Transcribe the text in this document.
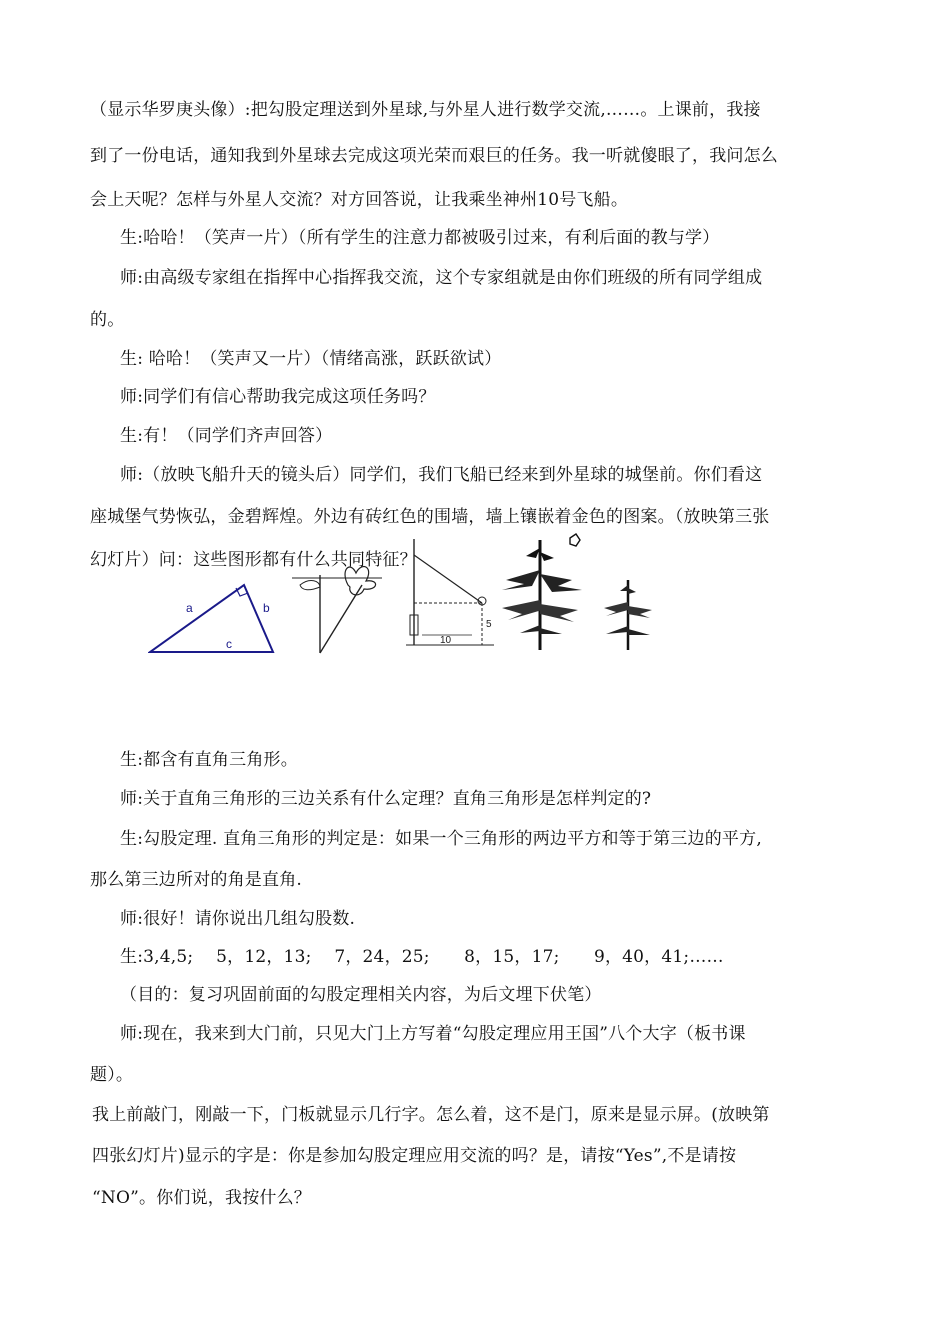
（显示华罗庚头像）:把勾股定理送到外星球,与外星人进行数学交流,……。上课前，我接
到了一份电话，通知我到外星球去完成这项光荣而艰巨的任务。我一听就傻眼了，我问怎么
会上天呢？怎样与外星人交流？对方回答说，让我乘坐神州10号飞船。
生:哈哈！（笑声一片）（所有学生的注意力都被吸引过来，有利后面的教与学）
师:由高级专家组在指挥中心指挥我交流，这个专家组就是由你们班级的所有同学组成
的。
生: 哈哈！（笑声又一片）（情绪高涨，跃跃欲试）
师:同学们有信心帮助我完成这项任务吗？
生:有！（同学们齐声回答）
师:（放映飞船升天的镜头后）同学们，我们飞船已经来到外星球的城堡前。你们看这
座城堡气势恢弘，金碧辉煌。外边有砖红色的围墙，墙上镶嵌着金色的图案。（放映第三张
幻灯片）问：这些图形都有什么共同特征？
a	b
c	10
5
生:都含有直角三角形。
师:关于直角三角形的三边关系有什么定理？直角三角形是怎样判定的?
生:勾股定理. 直角三角形的判定是：如果一个三角形的两边平方和等于第三边的平方,
那么第三边所对的角是直角.
师:很好！请你说出几组勾股数.
生:3,4,5;　 5，12，13;　 7，24，25;　　8，15，17;　　9，40，41;……
（目的：复习巩固前面的勾股定理相关内容，为后文埋下伏笔）
师:现在，我来到大门前，只见大门上方写着“勾股定理应用王国”八个大字（板书课
题）。
我上前敲门，刚敲一下，门板就显示几行字。怎么着，这不是门，原来是显示屏。(放映第
四张幻灯片)显示的字是：你是参加勾股定理应用交流的吗？是，请按“Yes”,不是请按
“NO”。你们说，我按什么？
